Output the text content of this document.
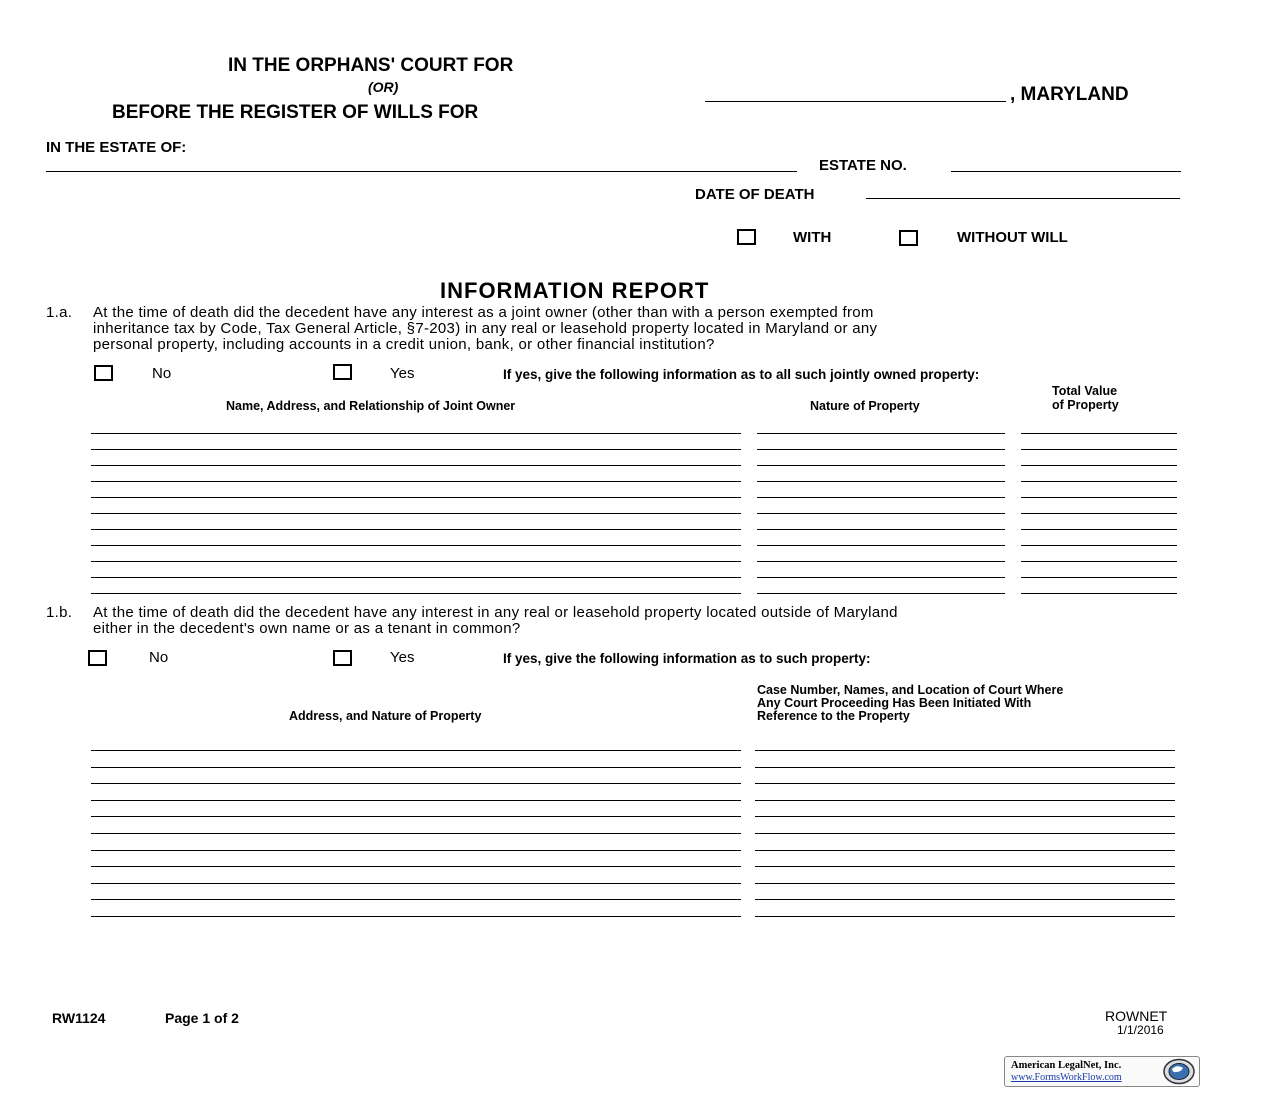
IN THE ORPHANS' COURT FOR
(OR)
BEFORE THE REGISTER OF WILLS FOR
, MARYLAND
IN THE ESTATE OF:
ESTATE NO.
DATE OF DEATH
WITH	WITHOUT WILL
INFORMATION REPORT
1.a. At the time of death did the decedent have any interest as a joint owner (other than with a person exempted from
inheritance tax by Code, Tax General Article, §7-203) in any real or leasehold property located in Maryland or any
personal property, including accounts in a credit union, bank, or other financial institution?
No	Yes	If yes, give the following information as to all such jointly owned property:
Name, Address, and Relationship of Joint Owner	Nature of Property
Total Value
of Property
1.b. At the time of death did the decedent have any interest in any real or leasehold property located outside of Maryland
either in the decedent's own name or as a tenant in common?
No	Yes	If yes, give the following information as to such property:
Address, and Nature of Property
Case Number, Names, and Location of Court Where
Any Court Proceeding Has Been Initiated With
Reference to the Property
RW1124	Page 1 of 2	ROWNET
1/1/2016
American LegalNet, Inc.
www.FormsWorkFlow.com
